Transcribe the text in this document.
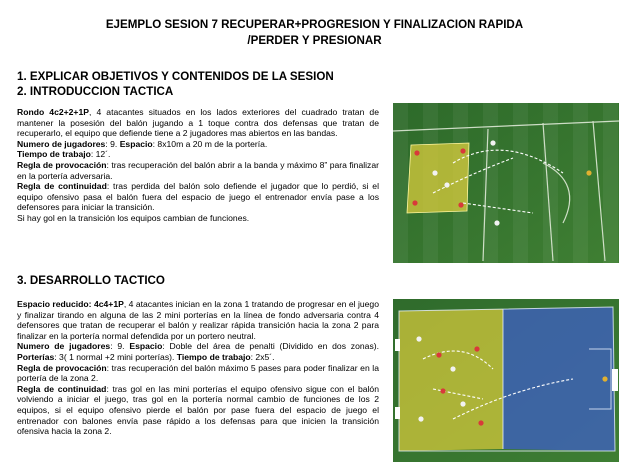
EJEMPLO SESION 7 RECUPERAR+PROGRESION Y FINALIZACION RAPIDA
/PERDER Y PRESIONAR
1. EXPLICAR OBJETIVOS Y CONTENIDOS DE LA SESION
2. INTRODUCCION TACTICA

Rondo 4c2+2+1P, 4 atacantes situados en los lados exteriores del cuadrado tratan de mantener la posesión del balón jugando a 1 toque contra dos defensas que tratan de recuperarlo, el equipo que defiende tiene a 2 jugadores mas abiertos en las bandas.

Numero de jugadores: 9. Espacio: 8x10m a 20 m de la portería.

Tiempo de trabajo: 12´.

Regla de provocación: tras recuperación del balón abrir a la banda y máximo 8” para finalizar en la portería adversaria.

Regla de continuidad: tras perdida del balón solo defiende el jugador que lo perdió, si el equipo ofensivo pasa el balón fuera del espacio de juego el entrenador envía pase a los defensores para iniciar la transición.

Si hay gol en la transición los equipos cambian de funciones.

3. DESARROLLO TACTICO

Espacio reducido: 4c4+1P, 4 atacantes inician en la zona 1 tratando de progresar en el juego y finalizar tirando en alguna de las 2 mini porterías en la línea de fondo adversaria contra 4 defensores que tratan de recuperar el balón y realizar rápida transición hacia la zona 2 para finalizar en la portería normal defendida por un portero neutral.

Numero de jugadores: 9. Espacio: Doble del área de penalti (Dividido en dos zonas). Porterías: 3( 1 normal +2 mini porterías). Tiempo de trabajo: 2x5´.

Regla de provocación: tras recuperación del balón máximo 5 pases para poder finalizar en la portería de la zona 2.

Regla de continuidad: tras gol en las mini porterías el equipo ofensivo sigue con el balón volviendo a iniciar el juego, tras gol en la portería normal cambio de funciones de los 2 equipos, si el equipo ofensivo pierde el balón por pase fuera del espacio de juego el entrenador con balones envía pase rápido a los defensas para que inicien la transición ofensiva hacia la zona 2.
